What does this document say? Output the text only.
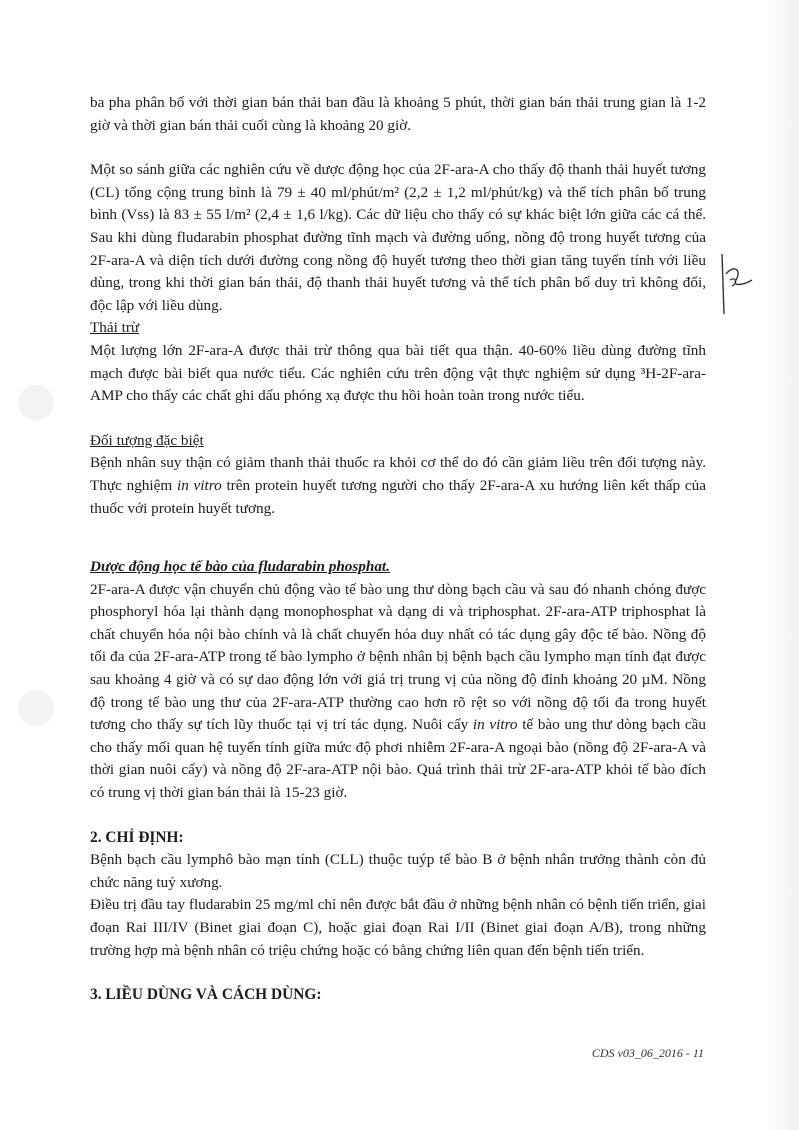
ba pha phân bố với thời gian bán thải ban đầu là khoảng 5 phút, thời gian bán thải trung gian là 1-2 giờ và thời gian bán thải cuối cùng là khoảng 20 giờ.

Một so sánh giữa các nghiên cứu về dược động học của 2F-ara-A cho thấy độ thanh thải huyết tương (CL) tổng cộng trung bình là 79 ± 40 ml/phút/m² (2,2 ± 1,2 ml/phút/kg) và thể tích phân bố trung bình (Vss) là 83 ± 55 l/m² (2,4 ± 1,6 l/kg). Các dữ liệu cho thấy có sự khác biệt lớn giữa các cá thể. Sau khi dùng fludarabin phosphat đường tĩnh mạch và đường uống, nồng độ trong huyết tương của 2F-ara-A và diện tích dưới đường cong nồng độ huyết tương theo thời gian tăng tuyến tính với liều dùng, trong khi thời gian bán thải, độ thanh thải huyết tương và thể tích phân bố duy trì không đổi, độc lập với liều dùng.

Thải trừ

Một lượng lớn 2F-ara-A được thải trừ thông qua bài tiết qua thận. 40-60% liều dùng đường tĩnh mạch được bài biết qua nước tiểu. Các nghiên cứu trên động vật thực nghiệm sử dụng ³H-2F-ara-AMP cho thấy các chất ghi dấu phóng xạ được thu hồi hoàn toàn trong nước tiểu.

Đối tượng đặc biệt

Bệnh nhân suy thận có giảm thanh thải thuốc ra khỏi cơ thể do đó cần giảm liều trên đối tượng này. Thực nghiệm in vitro trên protein huyết tương người cho thấy 2F-ara-A xu hướng liên kết thấp của thuốc với protein huyết tương.

Dược động học tế bào của fludarabin phosphat.

2F-ara-A được vận chuyển chủ động vào tế bào ung thư dòng bạch cầu và sau đó nhanh chóng được phosphoryl hóa lại thành dạng monophosphat và dạng di và triphosphat. 2F-ara-ATP triphosphat là chất chuyển hóa nội bào chính và là chất chuyển hóa duy nhất có tác dụng gây độc tế bào. Nồng độ tối đa của 2F-ara-ATP trong tế bào lympho ở bệnh nhân bị bệnh bạch cầu lympho mạn tính đạt được sau khoảng 4 giờ và có sự dao động lớn với giá trị trung vị của nồng độ đỉnh khoảng 20 µM. Nồng độ trong tế bào ung thư của 2F-ara-ATP thường cao hơn rõ rệt so với nồng độ tối đa trong huyết tương cho thấy sự tích lũy thuốc tại vị trí tác dụng. Nuôi cấy in vitro tế bào ung thư dòng bạch cầu cho thấy mối quan hệ tuyến tính giữa mức độ phơi nhiễm 2F-ara-A ngoại bào (nồng độ 2F-ara-A và thời gian nuôi cấy) và nồng độ 2F-ara-ATP nội bào. Quá trình thải trừ 2F-ara-ATP khỏi tế bào đích có trung vị thời gian bán thải là 15-23 giờ.

2. CHỈ ĐỊNH:

Bệnh bạch cầu lymphô bào mạn tính (CLL) thuộc tuýp tế bào B ở bệnh nhân trưởng thành còn đủ chức năng tuỷ xương.

Điều trị đầu tay fludarabin 25 mg/ml chỉ nên được bắt đầu ở những bệnh nhân có bệnh tiến triển, giai đoạn Rai III/IV (Binet giai đoạn C), hoặc giai đoạn Rai I/II (Binet giai đoạn A/B), trong những trường hợp mà bệnh nhân có triệu chứng hoặc có bằng chứng liên quan đến bệnh tiến triển.

3. LIỀU DÙNG VÀ CÁCH DÙNG:

CDS v03_06_2016 - 11
